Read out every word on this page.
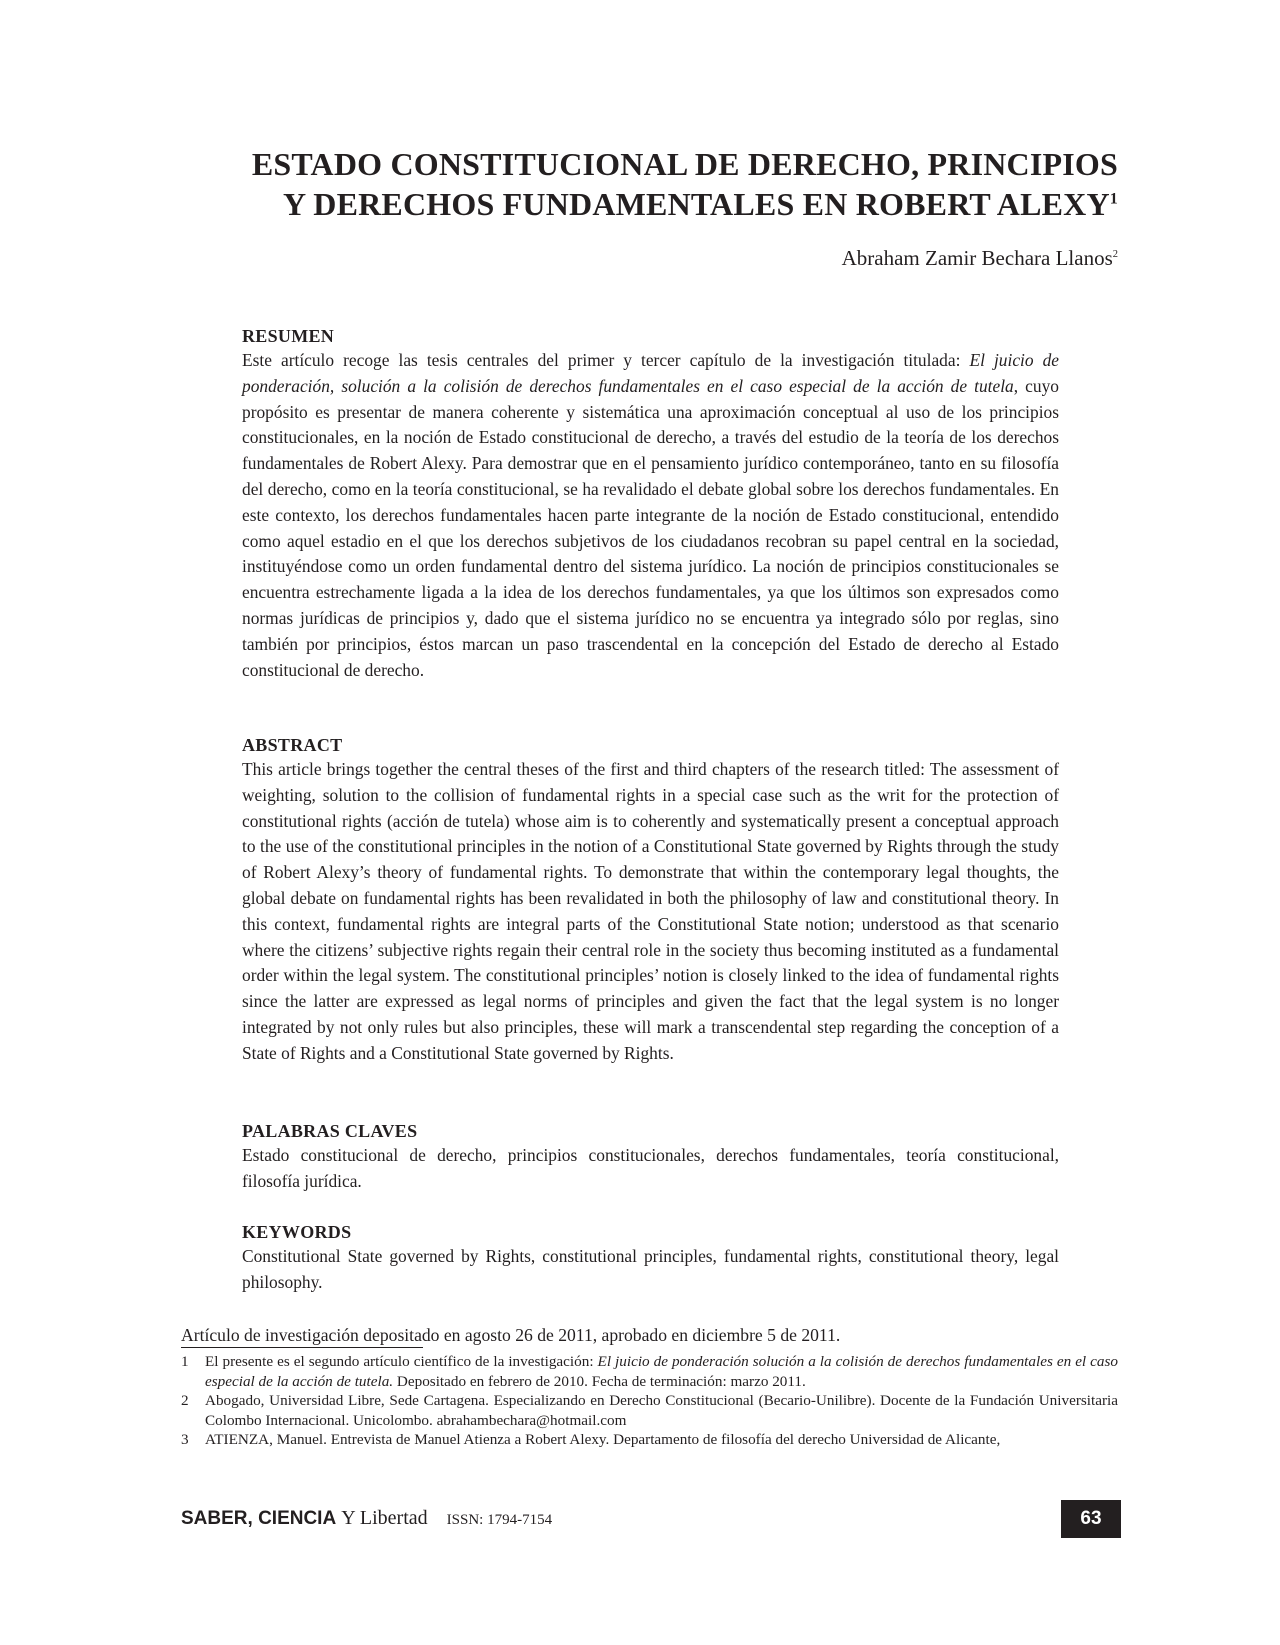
ESTADO CONSTITUCIONAL DE DERECHO, PRINCIPIOS
Y DERECHOS FUNDAMENTALES EN ROBERT ALEXY$^1$
Abraham Zamir Bechara Llanos$^2$
RESUMEN

Este artículo recoge las tesis centrales del primer y tercer capítulo de la investigación titulada: El juicio de ponderación, solución a la colisión de derechos fundamentales en el caso especial de la acción de tutela, cuyo propósito es presentar de manera coherente y sistemática una aproximación conceptual al uso de los principios constitucionales, en la noción de Estado constitucional de derecho, a través del estudio de la teoría de los derechos fundamentales de Robert Alexy. Para demostrar que en el pensamiento jurídico contemporáneo, tanto en su filosofía del derecho, como en la teoría constitucional, se ha revalidado el debate global sobre los derechos fundamentales. En este contexto, los derechos fundamentales hacen parte integrante de la noción de Estado constitucional, entendido como aquel estadio en el que los derechos subjetivos de los ciudadanos recobran su papel central en la sociedad, instituyéndose como un orden fundamental dentro del sistema jurídico. La noción de principios constitucionales se encuentra estrechamente ligada a la idea de los derechos fundamentales, ya que los últimos son expresados como normas jurídicas de principios y, dado que el sistema jurídico no se encuentra ya integrado sólo por reglas, sino también por principios, éstos marcan un paso trascendental en la concepción del Estado de derecho al Estado constitucional de derecho.

ABSTRACT

This article brings together the central theses of the first and third chapters of the research titled: The assessment of weighting, solution to the collision of fundamental rights in a special case such as the writ for the protection of constitutional rights (acción de tutela) whose aim is to coherently and systematically present a conceptual approach to the use of the constitutional principles in the notion of a Constitutional State governed by Rights through the study of Robert Alexy’s theory of fundamental rights. To demonstrate that within the contemporary legal thoughts, the global debate on fundamental rights has been revalidated in both the philosophy of law and constitutional theory. In this context, fundamental rights are integral parts of the Constitutional State notion; understood as that scenario where the citizens’ subjective rights regain their central role in the society thus becoming instituted as a fundamental order within the legal system. The constitutional principles’ notion is closely linked to the idea of fundamental rights since the latter are expressed as legal norms of principles and given the fact that the legal system is no longer integrated by not only rules but also principles, these will mark a transcendental step regarding the conception of a State of Rights and a Constitutional State governed by Rights.

PALABRAS CLAVES

Estado constitucional de derecho, principios constitucionales, derechos fundamentales, teoría constitucional, filosofía jurídica.

KEYWORDS

Constitutional State governed by Rights, constitutional principles, fundamental rights, constitutional theory, legal philosophy.

Artículo de investigación depositado en agosto 26 de 2011, aprobado en diciembre 5 de 2011.
1 El presente es el segundo artículo científico de la investigación: El juicio de ponderación solución a la colisión de derechos fundamentales en el caso especial de la acción de tutela. Depositado en febrero de 2010. Fecha de terminación: marzo 2011.
2 Abogado, Universidad Libre, Sede Cartagena. Especializando en Derecho Constitucional (Becario-Unilibre). Docente de la Fundación Universitaria Colombo Internacional. Unicolombo. abrahambechara@hotmail.com
3 ATIENZA, Manuel. Entrevista de Manuel Atienza a Robert Alexy. Departamento de filosofía del derecho Universidad de Alicante,
SABER, CIENCIA Y Libertad ISSN: 1794-7154	63
